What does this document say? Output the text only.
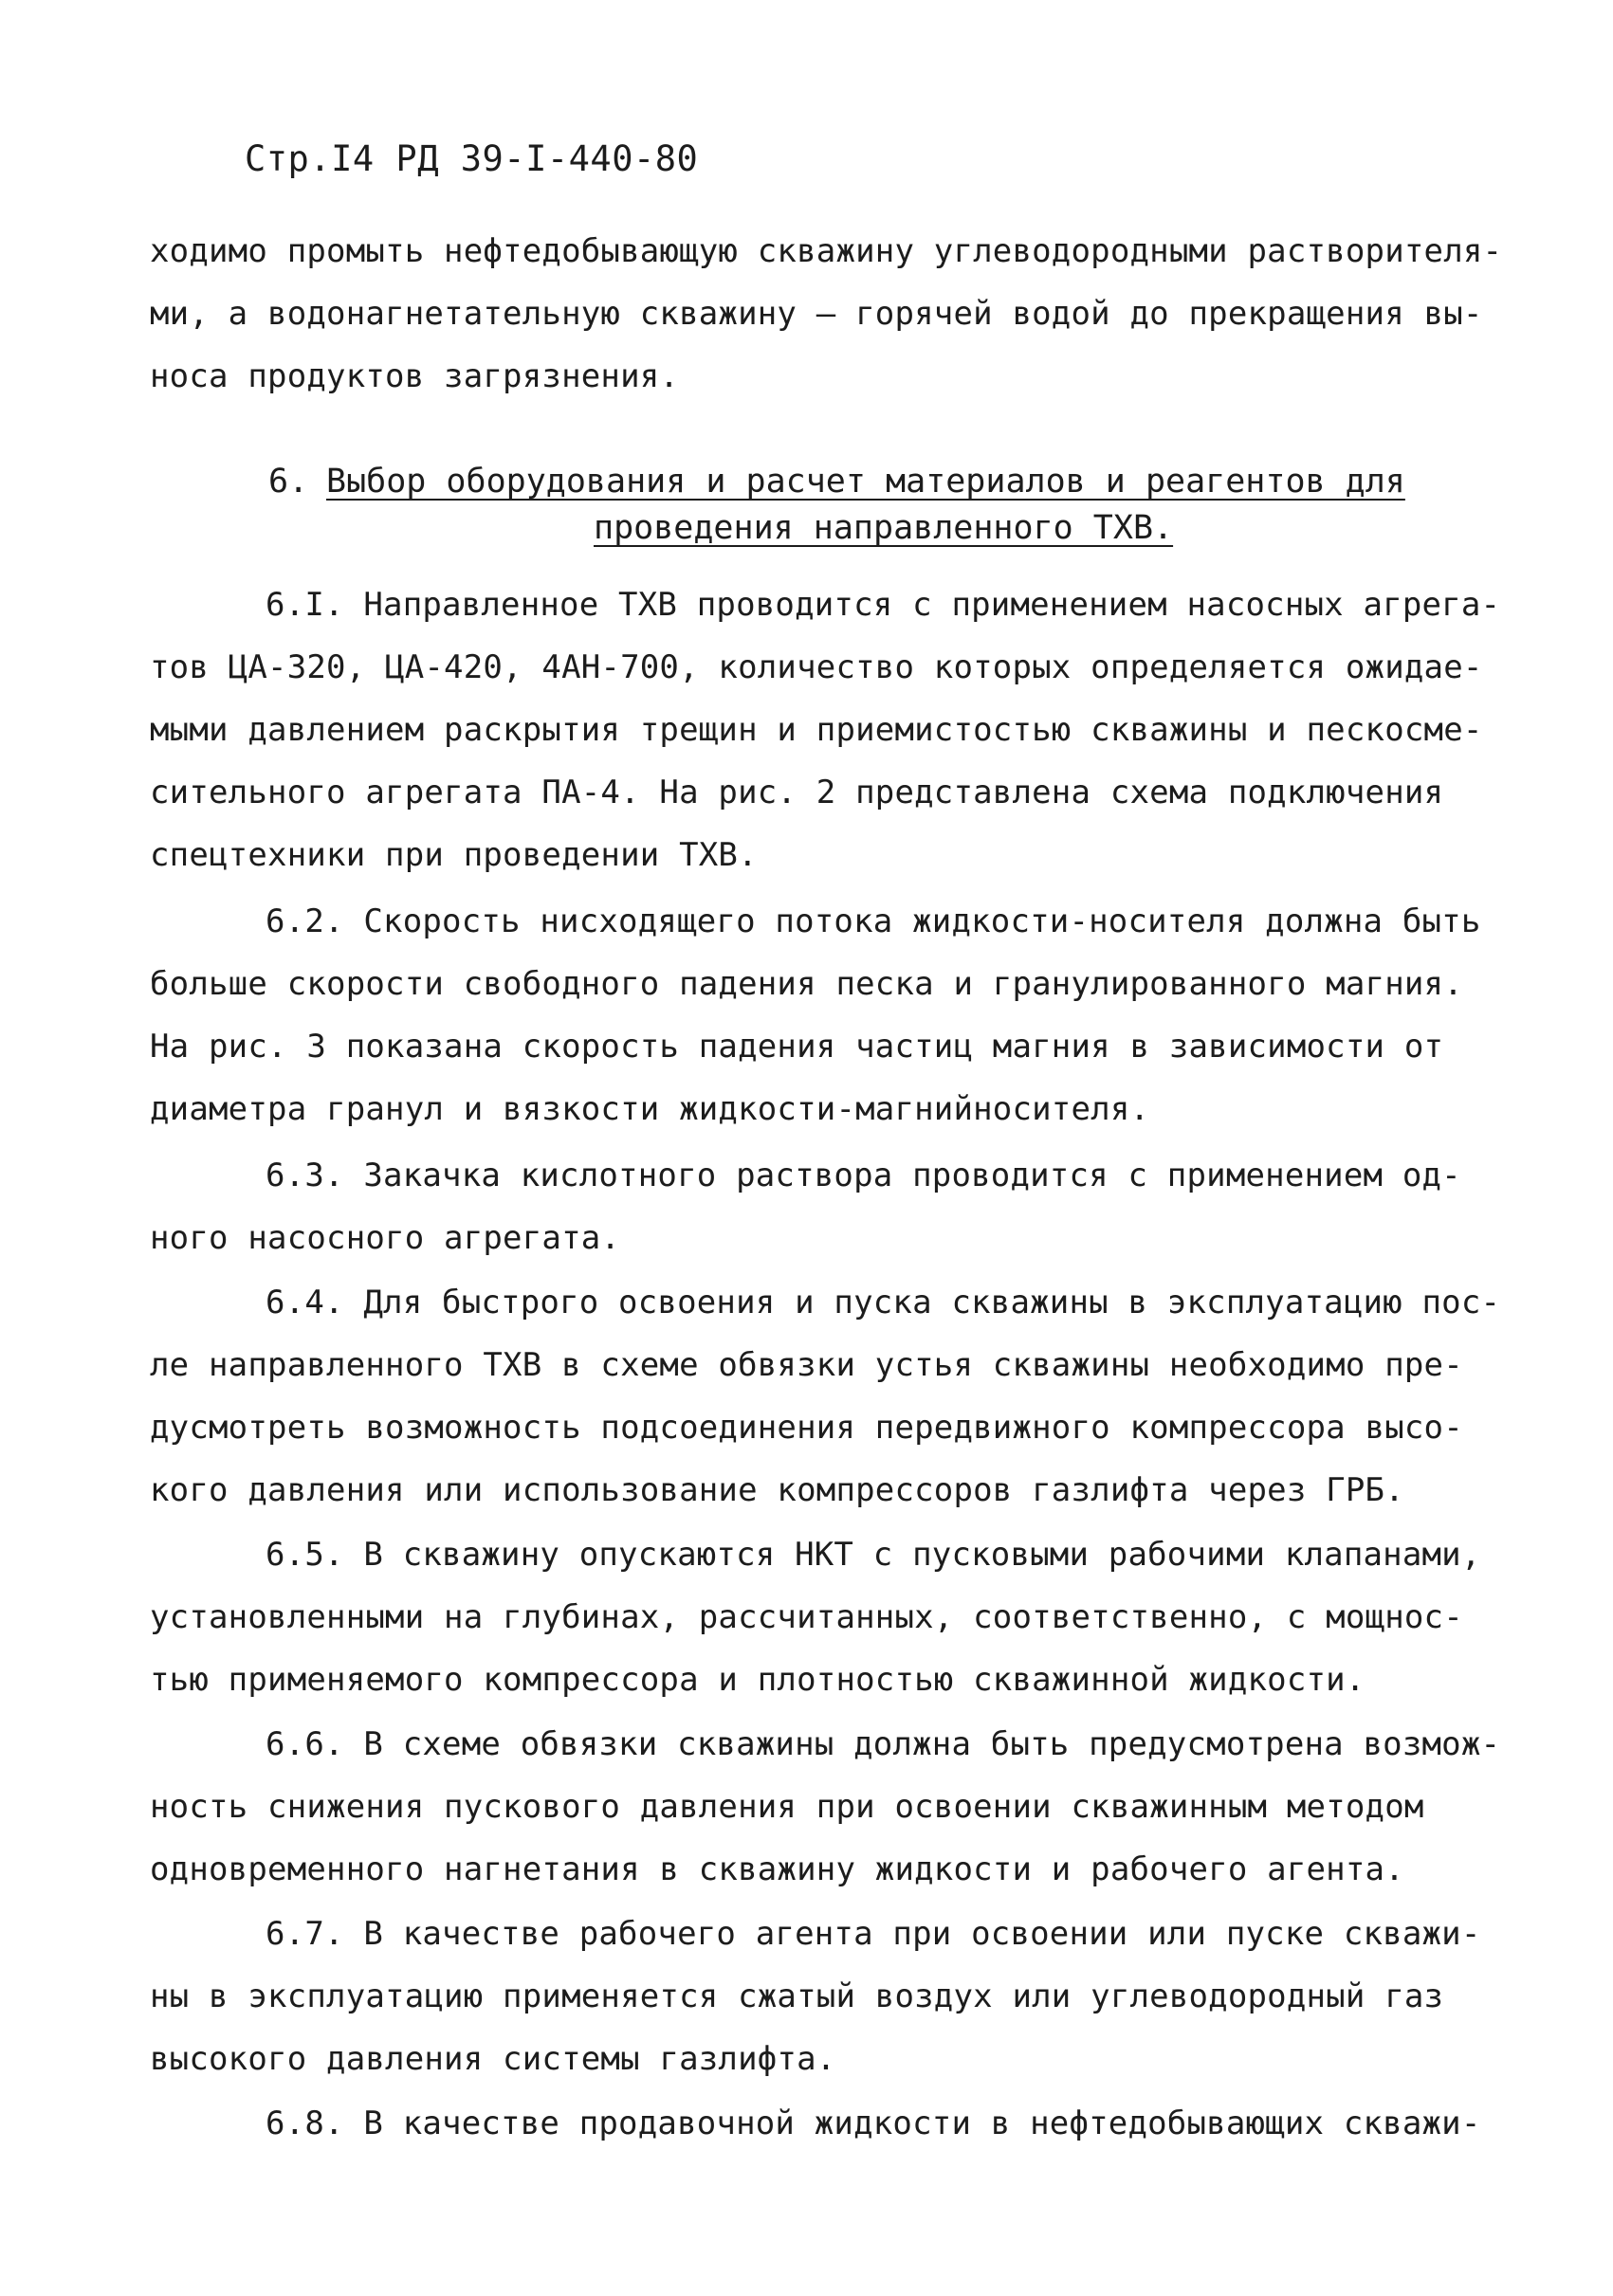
Стр.I4 РД 39-I-440-80
ходимо промыть нефтедобывающую скважину углеводородными растворителя-
ми, а водонагнетательную скважину – горячей водой до прекращения вы-
носа продуктов загрязнения.
6. Выбор оборудования и расчет материалов и реагентов для
проведения направленного ТХВ.
6.I. Направленное ТХВ проводится с применением насосных агрега-
тов ЦА-320, ЦА-420, 4АН-700, количество которых определяется ожидае-
мыми давлением раскрытия трещин и приемистостью скважины и пескосме-
сительного агрегата ПА-4. На рис. 2 представлена схема подключения
спецтехники при проведении ТХВ.
6.2. Скорость нисходящего потока жидкости-носителя должна быть
больше скорости свободного падения песка и гранулированного магния.
На рис. 3 показана скорость падения частиц магния в зависимости от
диаметра гранул и вязкости жидкости-магнийносителя.
6.3. Закачка кислотного раствора проводится с применением од-
ного насосного агрегата.
6.4. Для быстрого освоения и пуска скважины в эксплуатацию пос-
ле направленного ТХВ в схеме обвязки устья скважины необходимо пре-
дусмотреть возможность подсоединения передвижного компрессора высо-
кого давления или использование компрессоров газлифта через ГРБ.
6.5. В скважину опускаются НКТ с пусковыми рабочими клапанами,
установленными на глубинах, рассчитанных, соответственно, с мощнос-
тью применяемого компрессора и плотностью скважинной жидкости.
6.6. В схеме обвязки скважины должна быть предусмотрена возмож-
ность снижения пускового давления при освоении скважинным методом
одновременного нагнетания в скважину жидкости и рабочего агента.
6.7. В качестве рабочего агента при освоении или пуске скважи-
ны в эксплуатацию применяется сжатый воздух или углеводородный газ
высокого давления системы газлифта.
6.8. В качестве продавочной жидкости в нефтедобывающих скважи-
